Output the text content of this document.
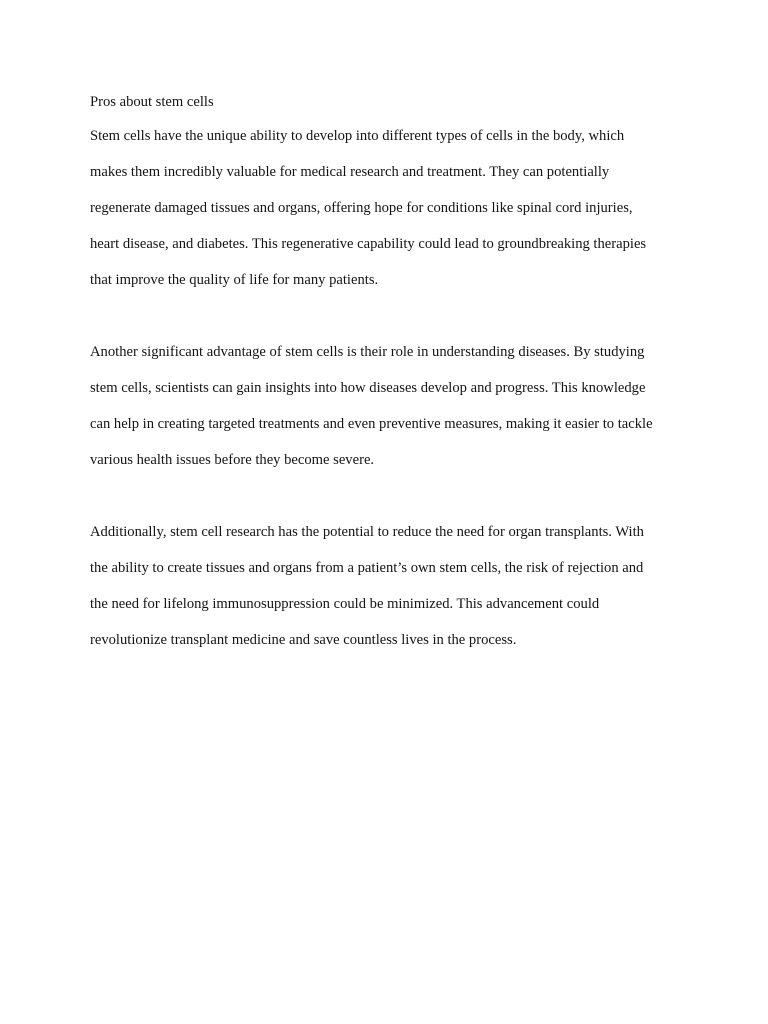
Pros about stem cells

Stem cells have the unique ability to develop into different types of cells in the body, which
makes them incredibly valuable for medical research and treatment. They can potentially
regenerate damaged tissues and organs, offering hope for conditions like spinal cord injuries,
heart disease, and diabetes. This regenerative capability could lead to groundbreaking therapies
that improve the quality of life for many patients.

Another significant advantage of stem cells is their role in understanding diseases. By studying
stem cells, scientists can gain insights into how diseases develop and progress. This knowledge
can help in creating targeted treatments and even preventive measures, making it easier to tackle
various health issues before they become severe.

Additionally, stem cell research has the potential to reduce the need for organ transplants. With
the ability to create tissues and organs from a patient’s own stem cells, the risk of rejection and
the need for lifelong immunosuppression could be minimized. This advancement could
revolutionize transplant medicine and save countless lives in the process.
